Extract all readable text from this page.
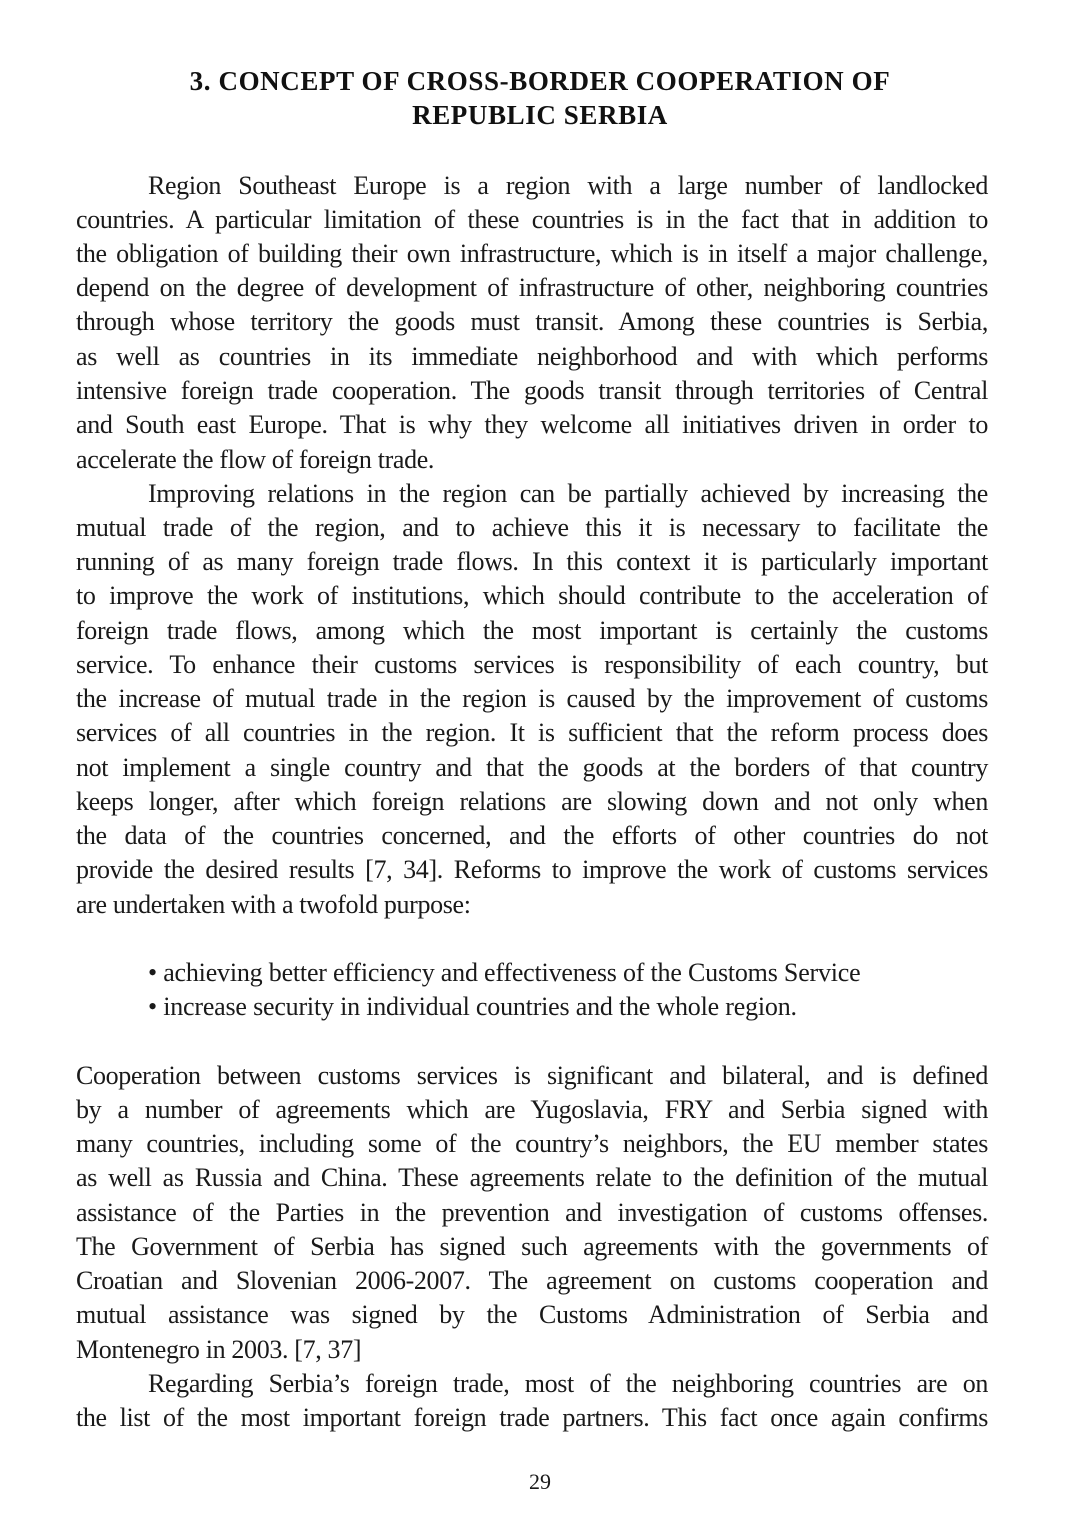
3. CONCEPT OF CROSS-BORDER COOPERATION OF
REPUBLIC SERBIA
Region Southeast Europe is a region with a large number of landlocked
countries. A particular limitation of these countries is in the fact that in addition to
the obligation of building their own infrastructure, which is in itself a major challenge,
depend on the degree of development of infrastructure of other, neighboring countries
through whose territory the goods must transit. Among these countries is Serbia,
as well as countries in its immediate neighborhood and with which performs
intensive foreign trade cooperation. The goods transit through territories of Central
and South east Europe. That is why they welcome all initiatives driven in order to
accelerate the flow of foreign trade.
Improving relations in the region can be partially achieved by increasing the
mutual trade of the region, and to achieve this it is necessary to facilitate the
running of as many foreign trade flows. In this context it is particularly important
to improve the work of institutions, which should contribute to the acceleration of
foreign trade flows, among which the most important is certainly the customs
service. To enhance their customs services is responsibility of each country, but
the increase of mutual trade in the region is caused by the improvement of customs
services of all countries in the region. It is sufficient that the reform process does
not implement a single country and that the goods at the borders of that country
keeps longer, after which foreign relations are slowing down and not only when
the data of the countries concerned, and the efforts of other countries do not
provide the desired results [7, 34]. Reforms to improve the work of customs services
are undertaken with a twofold purpose:
• achieving better efficiency and effectiveness of the Customs Service
• increase security in individual countries and the whole region.
Cooperation between customs services is significant and bilateral, and is defined
by a number of agreements which are Yugoslavia, FRY and Serbia signed with
many countries, including some of the country’s neighbors, the EU member states
as well as Russia and China. These agreements relate to the definition of the mutual
assistance of the Parties in the prevention and investigation of customs offenses.
The Government of Serbia has signed such agreements with the governments of
Croatian and Slovenian 2006-2007. The agreement on customs cooperation and
mutual assistance was signed by the Customs Administration of Serbia and
Montenegro in 2003. [7, 37]
Regarding Serbia’s foreign trade, most of the neighboring countries are on
the list of the most important foreign trade partners. This fact once again confirms
29
